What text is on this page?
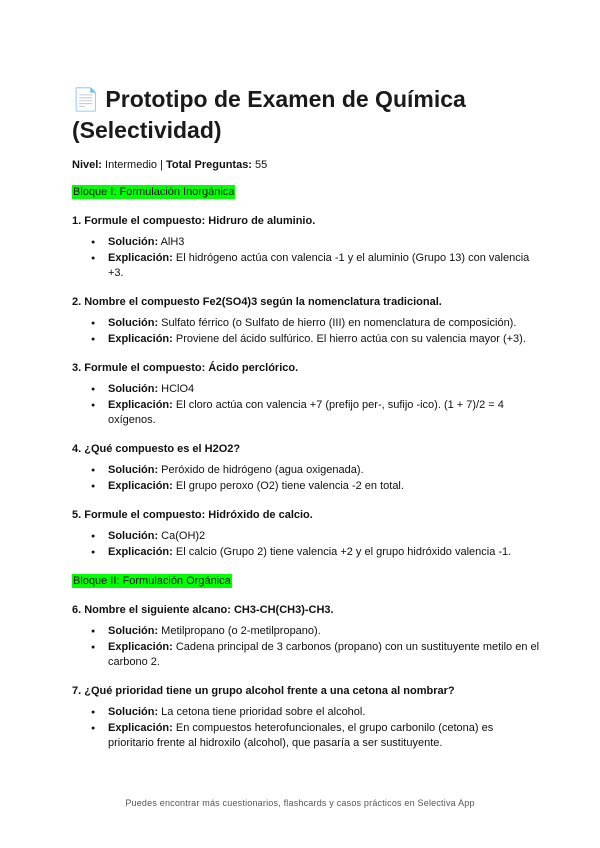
📄 Prototipo de Examen de Química (Selectividad)
Nivel: Intermedio | Total Preguntas: 55
Bloque I: Formulación Inorgánica
1. Formule el compuesto: Hidruro de aluminio.
● Solución: AlH3
● Explicación: El hidrógeno actúa con valencia -1 y el aluminio (Grupo 13) con valencia +3.
2. Nombre el compuesto Fe2(SO4)3 según la nomenclatura tradicional.
● Solución: Sulfato férrico (o Sulfato de hierro (III) en nomenclatura de composición).
● Explicación: Proviene del ácido sulfúrico. El hierro actúa con su valencia mayor (+3).
3. Formule el compuesto: Ácido perclórico.
● Solución: HClO4
● Explicación: El cloro actúa con valencia +7 (prefijo per-, sufijo -ico). (1 + 7)/2 = 4 oxígenos.
4. ¿Qué compuesto es el H2O2?
● Solución: Peróxido de hidrógeno (agua oxigenada).
● Explicación: El grupo peroxo (O2) tiene valencia -2 en total.
5. Formule el compuesto: Hidróxido de calcio.
● Solución: Ca(OH)2
● Explicación: El calcio (Grupo 2) tiene valencia +2 y el grupo hidróxido valencia -1.
Bloque II: Formulación Orgánica
6. Nombre el siguiente alcano: CH3-CH(CH3)-CH3.
● Solución: Metilpropano (o 2-metilpropano).
● Explicación: Cadena principal de 3 carbonos (propano) con un sustituyente metilo en el carbono 2.
7. ¿Qué prioridad tiene un grupo alcohol frente a una cetona al nombrar?
● Solución: La cetona tiene prioridad sobre el alcohol.
● Explicación: En compuestos heterofuncionales, el grupo carbonilo (cetona) es prioritario frente al hidroxilo (alcohol), que pasaría a ser sustituyente.
Puedes encontrar más cuestionarios, flashcards y casos prácticos en Selectiva App
